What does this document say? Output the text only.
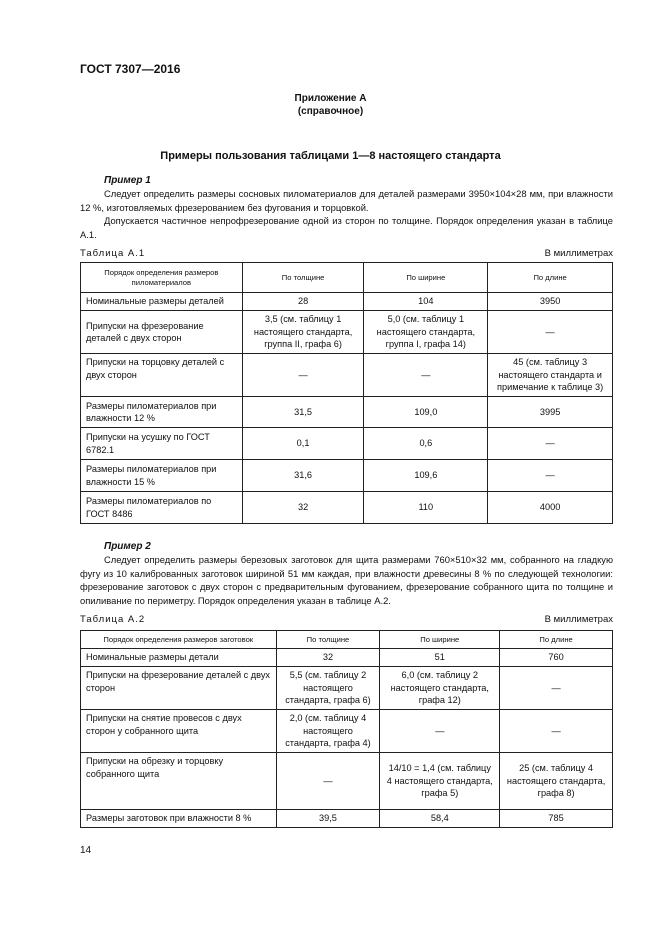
ГОСТ 7307—2016
Приложение А
(справочное)
Примеры пользования таблицами 1—8 настоящего стандарта
Пример 1

Следует определить размеры сосновых пиломатериалов для деталей размерами 3950×104×28 мм, при влажности 12 %, изготовляемых фрезерованием без фугования и торцовкой.

Допускается частичное непрофрезерование одной из сторон по толщине. Порядок определения указан в таблице А.1.

Таблица А.1	В миллиметрах
Порядок определения размеров пиломатериалов	По толщине	По ширине	По длине
Номинальные размеры деталей	28	104	3950
Припуски на фрезерование деталей с двух сторон	3,5 (см. таблицу 1 настоящего стандарта, группа II, графа 6)	5,0 (см. таблицу 1 настоящего стандарта, группа I, графа 14)	—
Припуски на торцовку деталей с двух сторон	—	—	45 (см. таблицу 3 настоящего стандарта и примечание к таблице 3)
Размеры пиломатериалов при влажности 12 %	31,5	109,0	3995
Припуски на усушку по ГОСТ 6782.1	0,1	0,6	—
Размеры пиломатериалов при влажности 15 %	31,6	109,6	—
Размеры пиломатериалов по ГОСТ 8486	32	110	4000
Пример 2

Следует определить размеры березовых заготовок для щита размерами 760×510×32 мм, собранного на гладкую фугу из 10 калиброванных заготовок шириной 51 мм каждая, при влажности древесины 8 % по следующей технологии: фрезерование заготовок с двух сторон с предварительным фугованием, фрезерование собранного щита по толщине и опиливание по периметру. Порядок определения указан в таблице А.2.

Таблица А.2	В миллиметрах
Порядок определения размеров заготовок	По толщине	По ширине	По длине
Номинальные размеры детали	32	51	760
Припуски на фрезерование деталей с двух сторон	5,5 (см. таблицу 2 настоящего стандарта, графа 6)	6,0 (см. таблицу 2 настоящего стандарта, графа 12)	—
Припуски на снятие провесов с двух сторон у собранного щита	2,0 (см. таблицу 4 настоящего стандарта, графа 4)	—	—
Припуски на обрезку и торцовку собранного щита	—	14/10 = 1,4 (см. таблицу 4 настоящего стандарта, графа 5)	25 (см. таблицу 4 настоящего стандарта, графа 8)
Размеры заготовок при влажности 8 %	39,5	58,4	785
14
